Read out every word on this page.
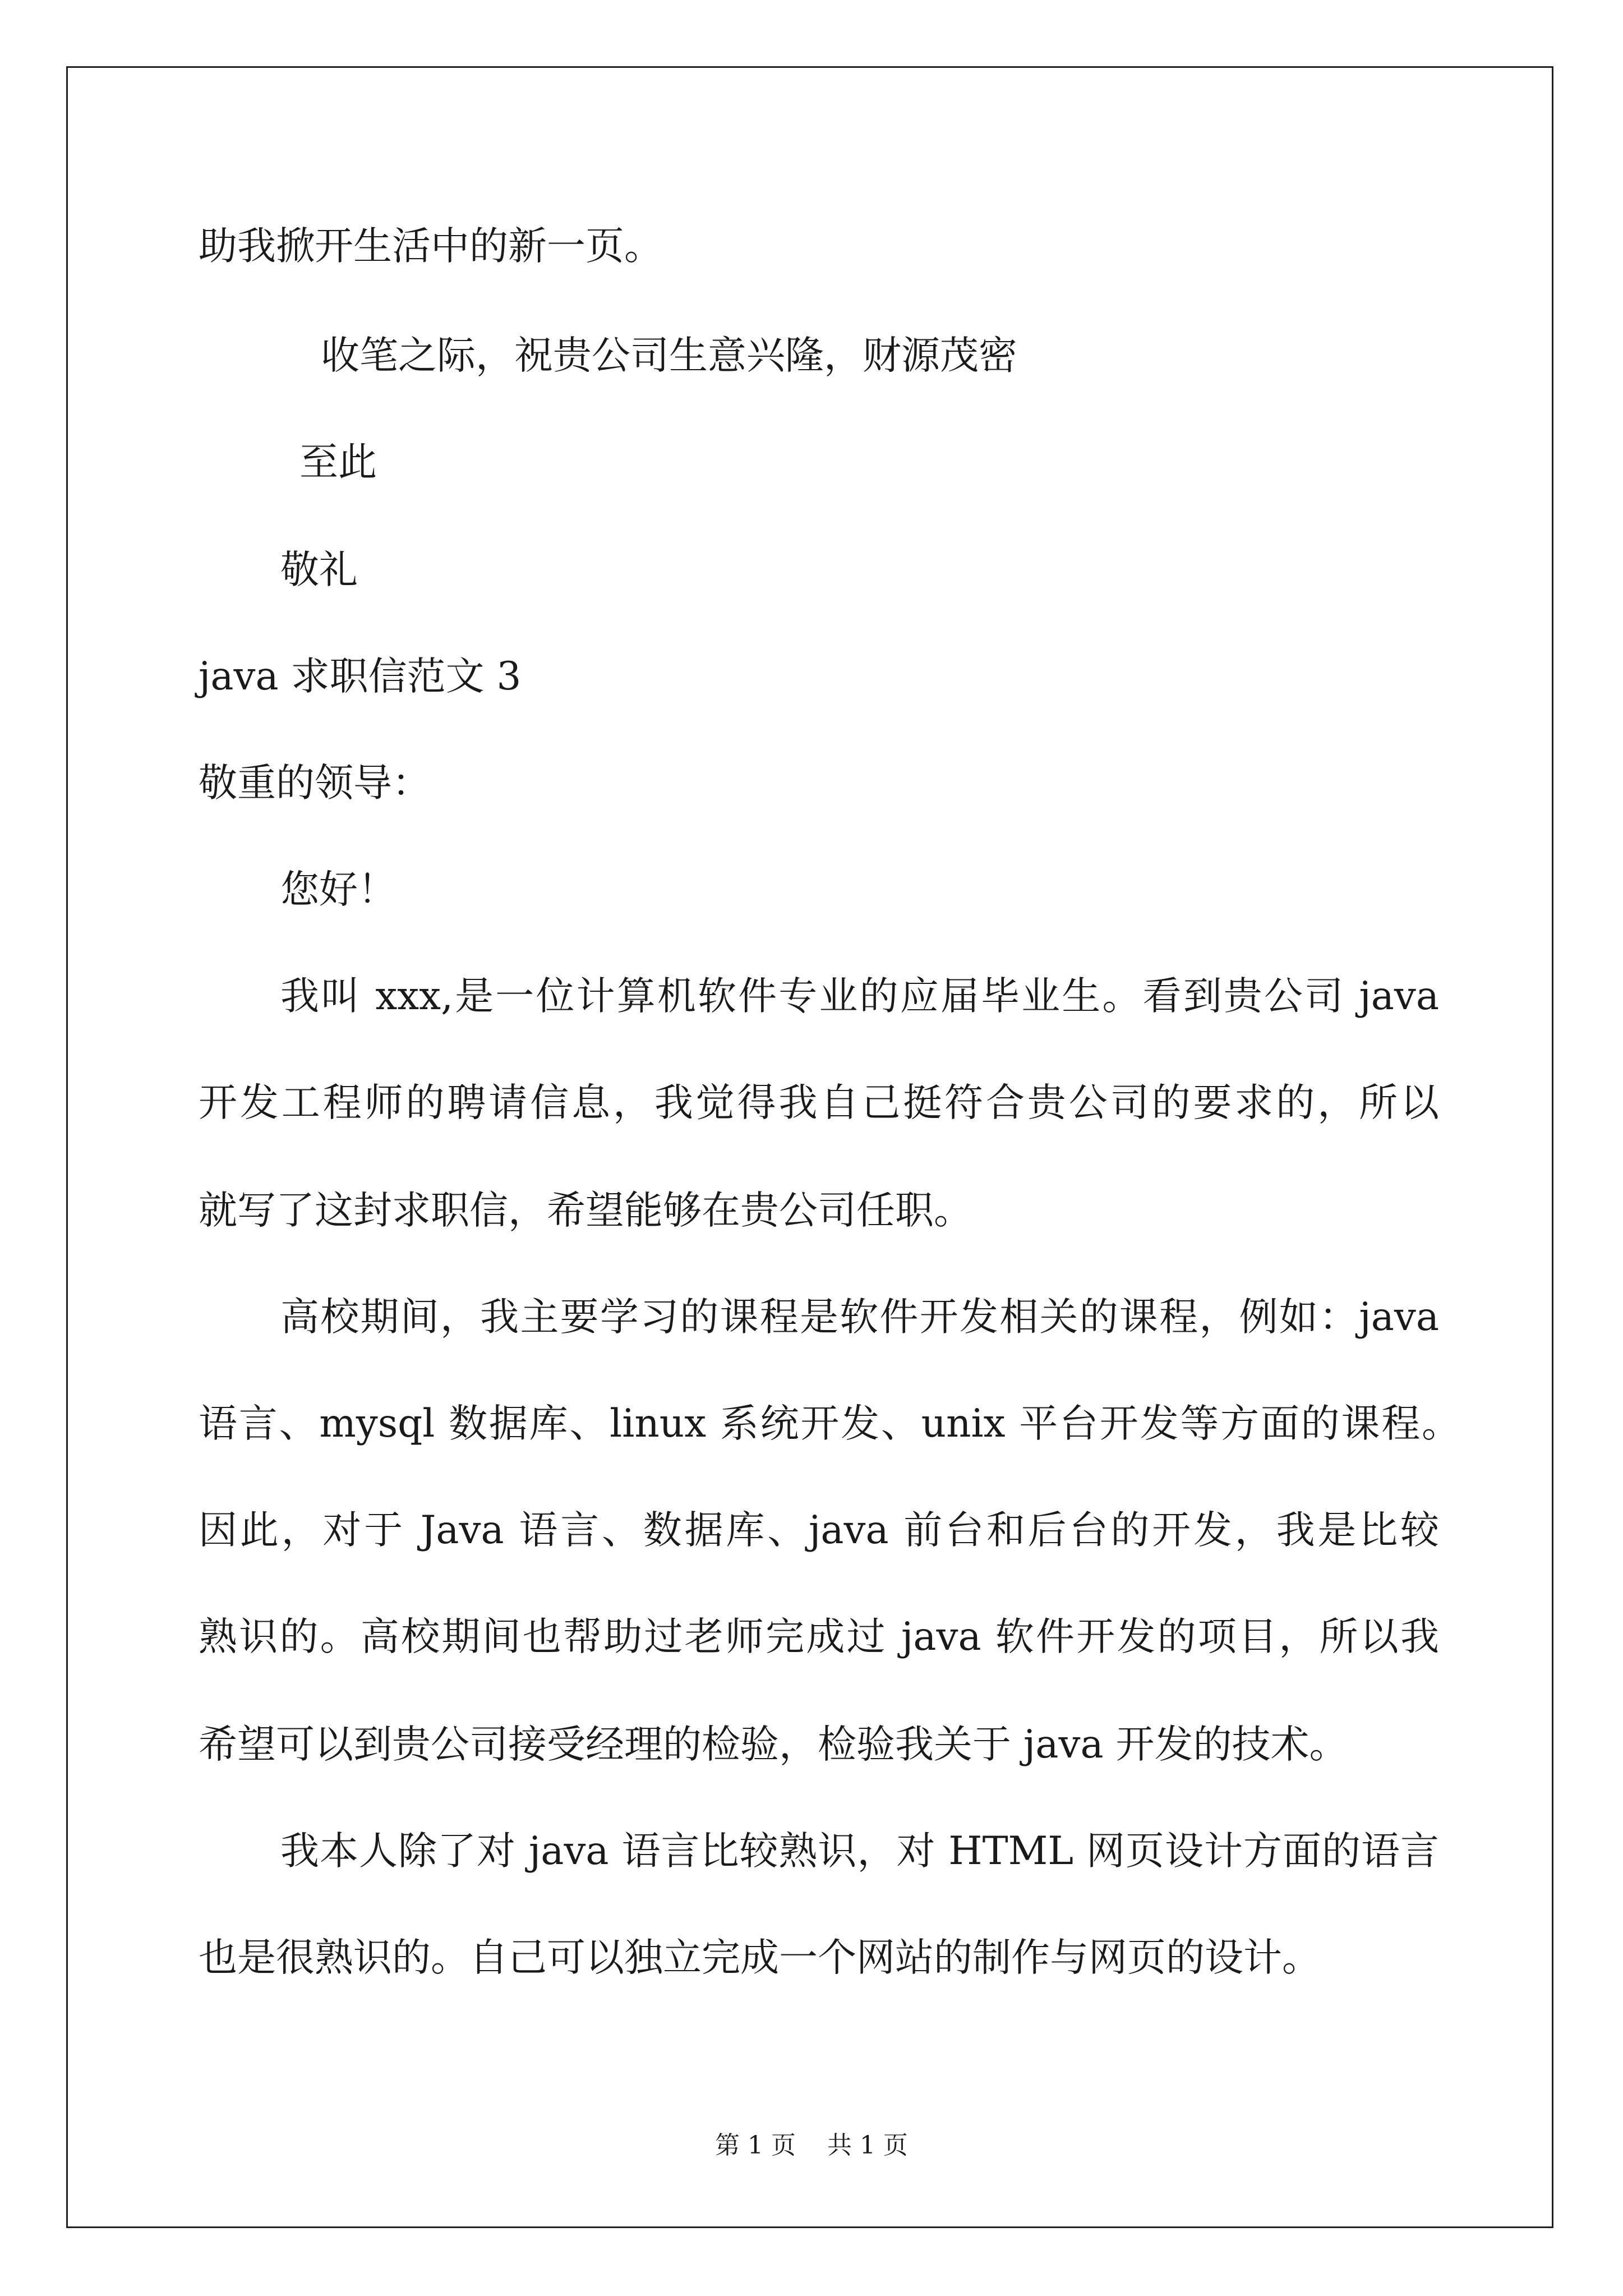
助我掀开生活中的新一页。
收笔之际，祝贵公司生意兴隆，财源茂密
至此
敬礼
java 求职信范文 3
敬重的领导：
您好！
我叫 xxx,是一位计算机软件专业的应届毕业生。看到贵公司 java
开发工程师的聘请信息，我觉得我自己挺符合贵公司的要求的，所以
就写了这封求职信，希望能够在贵公司任职。
高校期间，我主要学习的课程是软件开发相关的课程，例如：java
语言、mysql 数据库、linux 系统开发、unix 平台开发等方面的课程。
因此，对于 Java 语言、数据库、java 前台和后台的开发，我是比较
熟识的。高校期间也帮助过老师完成过 java 软件开发的项目，所以我
希望可以到贵公司接受经理的检验，检验我关于 java 开发的技术。
我本人除了对 java 语言比较熟识，对 HTML 网页设计方面的语言
也是很熟识的。自己可以独立完成一个网站的制作与网页的设计。
第 1 页    共 1 页
